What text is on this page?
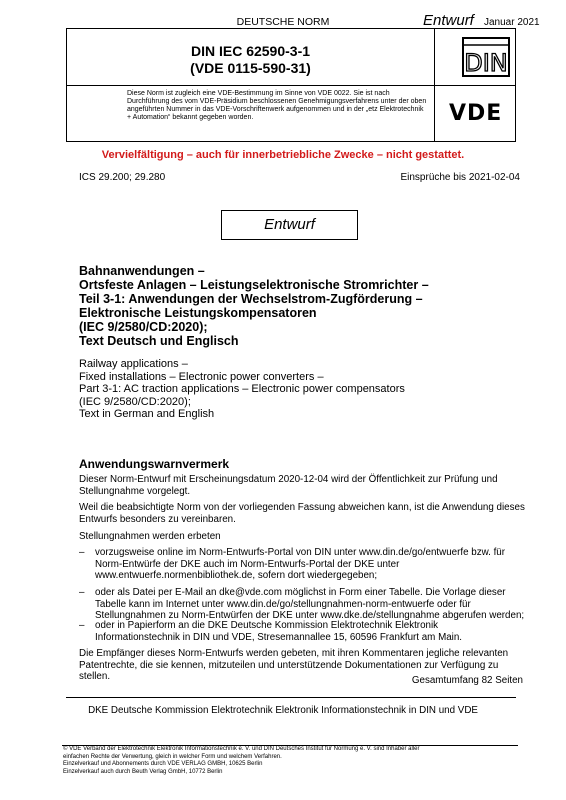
DEUTSCHE NORM	Entwurf Januar 2021
DIN IEC 62590-3-1
(VDE 0115-590-31)
Diese Norm ist zugleich eine VDE-Bestimmung im Sinne von VDE 0022. Sie ist nach Durchführung des vom VDE-Präsidium beschlossenen Genehmigungsverfahrens unter der oben angeführten Nummer in das VDE-Vorschriftenwerk aufgenommen und in der „etz Elektrotechnik + Automation“ bekannt gegeben worden.
DIN
VDE
Vervielfältigung – auch für innerbetriebliche Zwecke – nicht gestattet.
ICS 29.200; 29.280	Einsprüche bis 2021-02-04
Entwurf
Bahnanwendungen –
Ortsfeste Anlagen – Leistungselektronische Stromrichter –
Teil 3-1: Anwendungen der Wechselstrom-Zugförderung –
Elektronische Leistungskompensatoren
(IEC 9/2580/CD:2020);
Text Deutsch und Englisch
Railway applications –
Fixed installations – Electronic power converters –
Part 3-1: AC traction applications – Electronic power compensators
(IEC 9/2580/CD:2020);
Text in German and English
Anwendungswarnvermerk
Dieser Norm-Entwurf mit Erscheinungsdatum 2020-12-04 wird der Öffentlichkeit zur Prüfung und Stellungnahme vorgelegt.
Weil die beabsichtigte Norm von der vorliegenden Fassung abweichen kann, ist die Anwendung dieses Entwurfs besonders zu vereinbaren.
Stellungnahmen werden erbeten
– vorzugsweise online im Norm-Entwurfs-Portal von DIN unter www.din.de/go/entwuerfe bzw. für Norm-Entwürfe der DKE auch im Norm-Entwurfs-Portal der DKE unter www.entwuerfe.normenbibliothek.de, sofern dort wiedergegeben;
– oder als Datei per E-Mail an dke@vde.com möglichst in Form einer Tabelle. Die Vorlage dieser Tabelle kann im Internet unter www.din.de/go/stellungnahmen-norm-entwuerfe oder für Stellungnahmen zu Norm-Entwürfen der DKE unter www.dke.de/stellungnahme abgerufen werden;
– oder in Papierform an die DKE Deutsche Kommission Elektrotechnik Elektronik Informationstechnik in DIN und VDE, Stresemannallee 15, 60596 Frankfurt am Main.
Die Empfänger dieses Norm-Entwurfs werden gebeten, mit ihren Kommentaren jegliche relevanten Patentrechte, die sie kennen, mitzuteilen und unterstützende Dokumentationen zur Verfügung zu stellen.	Gesamtumfang 82 Seiten
DKE Deutsche Kommission Elektrotechnik Elektronik Informationstechnik in DIN und VDE
© VDE Verband der Elektrotechnik Elektronik Informationstechnik e. V. und DIN Deutsches Institut für Normung e. V. sind Inhaber aller
einfachen Rechte der Verwertung, gleich in welcher Form und welchem Verfahren.
Einzelverkauf und Abonnements durch VDE VERLAG GMBH, 10625 Berlin
Einzelverkauf auch durch Beuth Verlag GmbH, 10772 Berlin
